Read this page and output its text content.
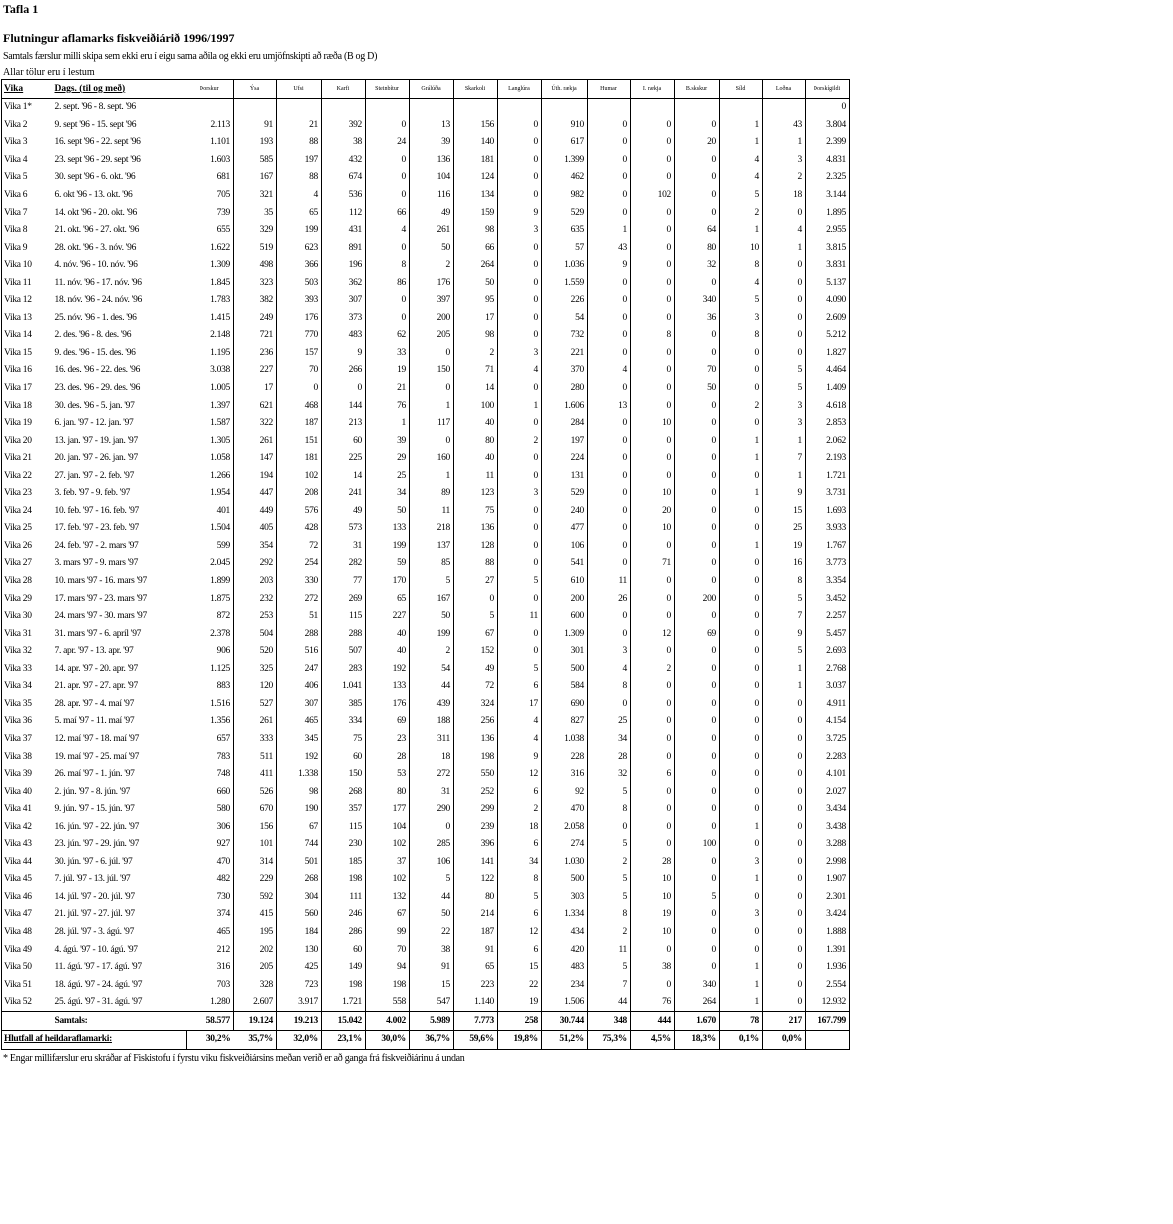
Tafla 1
Flutningur aflamarks fiskveiðiárið 1996/1997
Samtals færslur milli skipa sem ekki eru í eigu sama aðila og ekki eru umjöfnskipti að ræða (B og D)
Allar tölur eru í lestum
Vika	Dags. (til og með)	Þorskur	Ýsa	Ufsi	Karfi	Steinbítur	Grálúða	Skarkoli	Langlúra	Úth. rækja	Humar	I. rækja	B.skskur	Síld	Loðna	Þorskígildi
Vika 1*	2. sept. '96 - 8. sept. '96															0
Vika 2	9. sept '96 - 15. sept '96	2.113	91	21	392	0	13	156	0	910	0	0	0	1	43	3.804
Vika 3	16. sept '96 - 22. sept '96	1.101	193	88	38	24	39	140	0	617	0	0	20	1	1	2.399
Vika 4	23. sept '96 - 29. sept '96	1.603	585	197	432	0	136	181	0	1.399	0	0	0	4	3	4.831
Vika 5	30. sept '96 - 6. okt. '96	681	167	88	674	0	104	124	0	462	0	0	0	4	2	2.325
Vika 6	6. okt '96 - 13. okt. '96	705	321	4	536	0	116	134	0	982	0	102	0	5	18	3.144
Vika 7	14. okt '96 - 20. okt. '96	739	35	65	112	66	49	159	9	529	0	0	0	2	0	1.895
Vika 8	21. okt. '96 - 27. okt. '96	655	329	199	431	4	261	98	3	635	1	0	64	1	4	2.955
Vika 9	28. okt. '96 - 3. nóv. '96	1.622	519	623	891	0	50	66	0	57	43	0	80	10	1	3.815
Vika 10	4. nóv. '96 - 10. nóv. '96	1.309	498	366	196	8	2	264	0	1.036	9	0	32	8	0	3.831
Vika 11	11. nóv. '96 - 17. nóv. '96	1.845	323	503	362	86	176	50	0	1.559	0	0	0	4	0	5.137
Vika 12	18. nóv. '96 - 24. nóv. '96	1.783	382	393	307	0	397	95	0	226	0	0	340	5	0	4.090
Vika 13	25. nóv. '96 - 1. des. '96	1.415	249	176	373	0	200	17	0	54	0	0	36	3	0	2.609
Vika 14	2. des. '96 - 8. des. '96	2.148	721	770	483	62	205	98	0	732	0	8	0	8	0	5.212
Vika 15	9. des. '96 - 15. des. '96	1.195	236	157	9	33	0	2	3	221	0	0	0	0	0	1.827
Vika 16	16. des. '96 - 22. des. '96	3.038	227	70	266	19	150	71	4	370	4	0	70	0	5	4.464
Vika 17	23. des. '96 - 29. des. '96	1.005	17	0	0	21	0	14	0	280	0	0	50	0	5	1.409
Vika 18	30. des. '96 - 5. jan. '97	1.397	621	468	144	76	1	100	1	1.606	13	0	0	2	3	4.618
Vika 19	6. jan. '97 - 12. jan. '97	1.587	322	187	213	1	117	40	0	284	0	10	0	0	3	2.853
Vika 20	13. jan. '97 - 19. jan. '97	1.305	261	151	60	39	0	80	2	197	0	0	0	1	1	2.062
Vika 21	20. jan. '97 - 26. jan. '97	1.058	147	181	225	29	160	40	0	224	0	0	0	1	7	2.193
Vika 22	27. jan. '97 - 2. feb. '97	1.266	194	102	14	25	1	11	0	131	0	0	0	0	1	1.721
Vika 23	3. feb. '97 - 9. feb. '97	1.954	447	208	241	34	89	123	3	529	0	10	0	1	9	3.731
Vika 24	10. feb. '97 - 16. feb. '97	401	449	576	49	50	11	75	0	240	0	20	0	0	15	1.693
Vika 25	17. feb. '97 - 23. feb. '97	1.504	405	428	573	133	218	136	0	477	0	10	0	0	25	3.933
Vika 26	24. feb. '97 - 2. mars '97	599	354	72	31	199	137	128	0	106	0	0	0	1	19	1.767
Vika 27	3. mars '97 - 9. mars '97	2.045	292	254	282	59	85	88	0	541	0	71	0	0	16	3.773
Vika 28	10. mars '97 - 16. mars '97	1.899	203	330	77	170	5	27	5	610	11	0	0	0	8	3.354
Vika 29	17. mars '97 - 23. mars '97	1.875	232	272	269	65	167	0	0	200	26	0	200	0	5	3.452
Vika 30	24. mars '97 - 30. mars '97	872	253	51	115	227	50	5	11	600	0	0	0	0	7	2.257
Vika 31	31. mars '97 - 6. apríl '97	2.378	504	288	288	40	199	67	0	1.309	0	12	69	0	9	5.457
Vika 32	7. apr. '97 - 13. apr. '97	906	520	516	507	40	2	152	0	301	3	0	0	0	5	2.693
Vika 33	14. apr. '97 - 20. apr. '97	1.125	325	247	283	192	54	49	5	500	4	2	0	0	1	2.768
Vika 34	21. apr. '97 - 27. apr. '97	883	120	406	1.041	133	44	72	6	584	8	0	0	0	1	3.037
Vika 35	28. apr. '97 - 4. maí '97	1.516	527	307	385	176	439	324	17	690	0	0	0	0	0	4.911
Vika 36	5. maí '97 - 11. maí '97	1.356	261	465	334	69	188	256	4	827	25	0	0	0	0	4.154
Vika 37	12. maí '97 - 18. maí '97	657	333	345	75	23	311	136	4	1.038	34	0	0	0	0	3.725
Vika 38	19. maí '97 - 25. maí '97	783	511	192	60	28	18	198	9	228	28	0	0	0	0	2.283
Vika 39	26. maí '97 - 1. jún. '97	748	411	1.338	150	53	272	550	12	316	32	6	0	0	0	4.101
Vika 40	2. jún. '97 - 8. jún. '97	660	526	98	268	80	31	252	6	92	5	0	0	0	0	2.027
Vika 41	9. jún. '97 - 15. jún. '97	580	670	190	357	177	290	299	2	470	8	0	0	0	0	3.434
Vika 42	16. jún. '97 - 22. jún. '97	306	156	67	115	104	0	239	18	2.058	0	0	0	1	0	3.438
Vika 43	23. jún. '97 - 29. jún. '97	927	101	744	230	102	285	396	6	274	5	0	100	0	0	3.288
Vika 44	30. jún. '97 - 6. júl. '97	470	314	501	185	37	106	141	34	1.030	2	28	0	3	0	2.998
Vika 45	7. júl. '97 - 13. júl. '97	482	229	268	198	102	5	122	8	500	5	10	0	1	0	1.907
Vika 46	14. júl. '97 - 20. júl. '97	730	592	304	111	132	44	80	5	303	5	10	5	0	0	2.301
Vika 47	21. júl. '97 - 27. júl. '97	374	415	560	246	67	50	214	6	1.334	8	19	0	3	0	3.424
Vika 48	28. júl. '97 - 3. ágú. '97	465	195	184	286	99	22	187	12	434	2	10	0	0	0	1.888
Vika 49	4. ágú. '97 - 10. ágú. '97	212	202	130	60	70	38	91	6	420	11	0	0	0	0	1.391
Vika 50	11. ágú. '97 - 17. ágú. '97	316	205	425	149	94	91	65	15	483	5	38	0	1	0	1.936
Vika 51	18. ágú. '97 - 24. ágú. '97	703	328	723	198	198	15	223	22	234	7	0	340	1	0	2.554
Vika 52	25. ágú. '97 - 31. ágú. '97	1.280	2.607	3.917	1.721	558	547	1.140	19	1.506	44	76	264	1	0	12.932
	Samtals:	58.577	19.124	19.213	15.042	4.002	5.989	7.773	258	30.744	348	444	1.670	78	217	167.799
Hlutfall af heildaraflamarki:		30,2%	35,7%	32,0%	23,1%	30,0%	36,7%	59,6%	19,8%	51,2%	75,3%	4,5%	18,3%	0,1%	0,0%	
* Engar millifærslur eru skráðar af Fiskistofu í fyrstu viku fiskveiðiársins meðan verið er að ganga frá fiskveiðiárinu á undan
